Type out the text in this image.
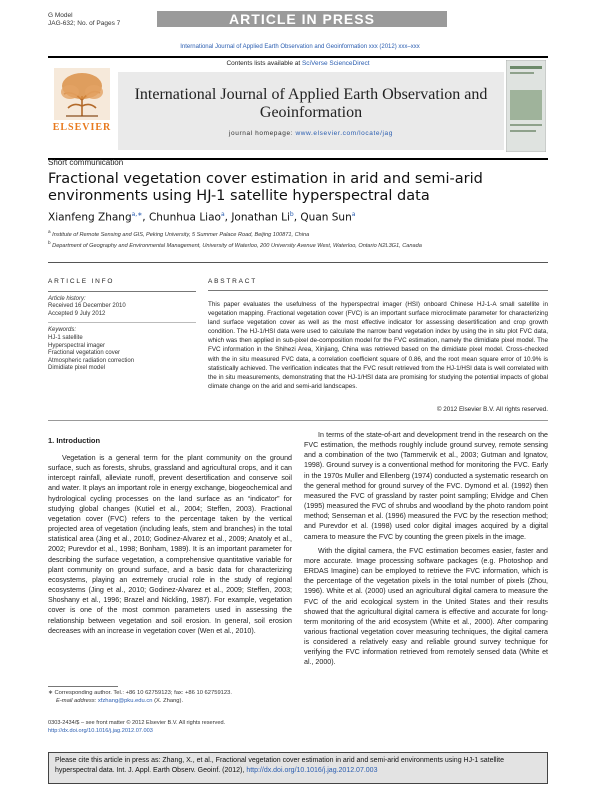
G Model
JAG-632; No. of Pages 7	ARTICLE IN PRESS
International Journal of Applied Earth Observation and Geoinformation xxx (2012) xxx–xxx
Contents lists available at SciVerse ScienceDirect
International Journal of Applied Earth Observation and Geoinformation
journal homepage: www.elsevier.com/locate/jag
ELSEVIER
Short communication
Fractional vegetation cover estimation in arid and semi-arid environments using HJ-1 satellite hyperspectral data
Xianfeng Zhang$^{a,∗}$, Chunhua Liao$^a$, Jonathan Li$^b$, Quan Sun$^a$
$^a$ Institute of Remote Sensing and GIS, Peking University, 5 Summer Palace Road, Beijing 100871, China
$^b$ Department of Geography and Environmental Management, University of Waterloo, 200 University Avenue West, Waterloo, Ontario N2L3G1, Canada
ARTICLE INFO
Article history:
Received 16 December 2010
Accepted 9 July 2012
Keywords:
HJ-1 satellite
Hyperspectral imager
Fractional vegetation cover
Atmospheric radiation correction
Dimidiate pixel model
ABSTRACT
This paper evaluates the usefulness of the hyperspectral imager (HSI) onboard Chinese HJ-1-A small satellite in vegetation mapping. Fractional vegetation cover (FVC) is an important surface microclimate parameter for characterizing land surface vegetation cover as well as the most effective indicator for assessing desertification and crop growth condition. The HJ-1/HSI data were used to calculate the narrow band vegetation index by using the in situ plot FVC data, which was then applied in sub-pixel de-composition model for the FVC estimation, namely the dimidiate pixel model. The FVC information in the Shihezi Area, Xinjiang, China was retrieved based on the dimidiate pixel model. Cross-checked with the in situ measured FVC data, a correlation coefficient square of 0.86, and the root mean square error of 10.9% is statistically achieved. The verification indicates that the FVC result retrieved from the HJ-1/HSI data is well correlated with the in situ measurements, demonstrating that the HJ-1/HSI data are promising for studying the potential impacts of global climate change on the arid and semi-arid landscapes.
© 2012 Elsevier B.V. All rights reserved.
1. Introduction

Vegetation is a general term for the plant community on the ground surface, such as forests, shrubs, grassland and agricultural crops, and it can intercept rainfall, alleviate runoff, prevent desertification and conserve soil and water. It plays an important role in energy exchange, biogeochemical and hydrological cycling processes on the land surface as an “indicator” for studying global changes (Kutiel et al., 2004; Steffen, 2003). Fractional vegetation cover (FVC) refers to the percentage taken by the vertical projected area of vegetation (including leafs, stem and branches) in the total statistical area (Jing et al., 2010; Godinez-Alvarez et al., 2009; Anatoly et al., 2002; Purevdor et al., 1998; Bonham, 1989). It is an important parameter for describing the surface vegetation, a comprehensive quantitative variable for plant community on ground surface, and a basic data for characterizing ecosystems, playing an extremely crucial role in the study of regional ecosystems (Jing et al., 2010; Godinez-Alvarez et al., 2009; Steffen, 2003; Shoshany et al., 1996; Brazel and Nickling, 1987). For example, vegetation cover is one of the most common parameters used in assessing the relationship between vegetation and soil erosion. In general, soil erosion decreases with an increase in vegetation cover (Wen et al., 2010).

In terms of the state-of-art and development trend in the research on the FVC estimation, the methods roughly include ground survey, remote sensing and a combination of the two (Tammervik et al., 2003; Gutman and Ignatov, 1998). Ground survey is a conventional method for monitoring the FVC. Early in the 1970s Muller and Ellenberg (1974) conducted a systematic research on the general method for ground survey of the FVC. Dymond et al. (1992) then measured the FVC of grassland by raster point sampling; Elvidge and Chen (1995) measured the FVC of shrubs and woodland by the photo random point method; Senseman et al. (1996) measured the FVC by the resection method; and Purevdor et al. (1998) used color digital images acquired by a digital camera to measure the FVC by counting the green pixels in the image.

With the digital camera, the FVC estimation becomes easier, faster and more accurate. Image processing software packages (e.g. Photoshop and ERDAS Imagine) can be employed to retrieve the FVC information, which is the percentage of the vegetation pixels in the total number of pixels (Zhou, 1996). White et al. (2000) used an agricultural digital camera to measure the FVC of the arid ecological system in the United States and their results showed that the agricultural digital camera is effective and accurate for long-term monitoring of the arid ecosystem (White et al., 2000). After comparing various fractional vegetation cover measuring techniques, the digital camera is considered a relatively easy and reliable ground survey technique for verifying the FVC information retrieved from remotely sensed data (White et al., 2000).

∗ Corresponding author. Tel.: +86 10 62759123; fax: +86 10 62759123.
E-mail address: xfzhang@pku.edu.cn (X. Zhang).
0303-2434/$ – see front matter © 2012 Elsevier B.V. All rights reserved.
http://dx.doi.org/10.1016/j.jag.2012.07.003
Please cite this article in press as: Zhang, X., et al., Fractional vegetation cover estimation in arid and semi-arid environments using HJ-1 satellite hyperspectral data. Int. J. Appl. Earth Observ. Geoinf. (2012), http://dx.doi.org/10.1016/j.jag.2012.07.003
